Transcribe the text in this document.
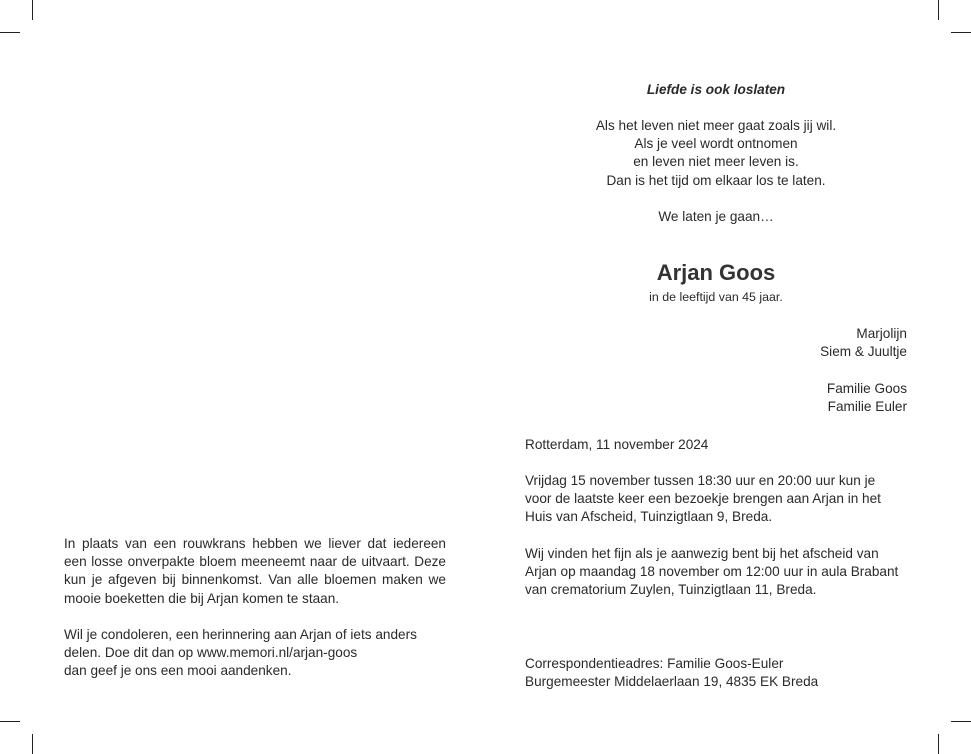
In plaats van een rouwkrans hebben we liever dat iedereen een losse onverpakte bloem meeneemt naar de uitvaart. Deze kun je afgeven bij binnenkomst. Van alle bloemen maken we mooie boeketten die bij Arjan komen te staan.

Wil je condoleren, een herinnering aan Arjan of iets anders
delen. Doe dit dan op www.memori.nl/arjan-goos
dan geef je ons een mooi aandenken.

Liefde is ook loslaten
Als het leven niet meer gaat zoals jij wil.
Als je veel wordt ontnomen
en leven niet meer leven is.
Dan is het tijd om elkaar los te laten.
We laten je gaan…
Arjan Goos
in de leeftijd van 45 jaar.
Marjolijn
Siem & Juultje
Familie Goos
Familie Euler
Rotterdam, 11 november 2024
Vrijdag 15 november tussen 18:30 uur en 20:00 uur kun je
voor de laatste keer een bezoekje brengen aan Arjan in het
Huis van Afscheid, Tuinzigtlaan 9, Breda.
Wij vinden het fijn als je aanwezig bent bij het afscheid van
Arjan op maandag 18 november om 12:00 uur in aula Brabant
van crematorium Zuylen, Tuinzigtlaan 11, Breda.
Correspondentieadres: Familie Goos-Euler
Burgemeester Middelaerlaan 19, 4835 EK Breda
